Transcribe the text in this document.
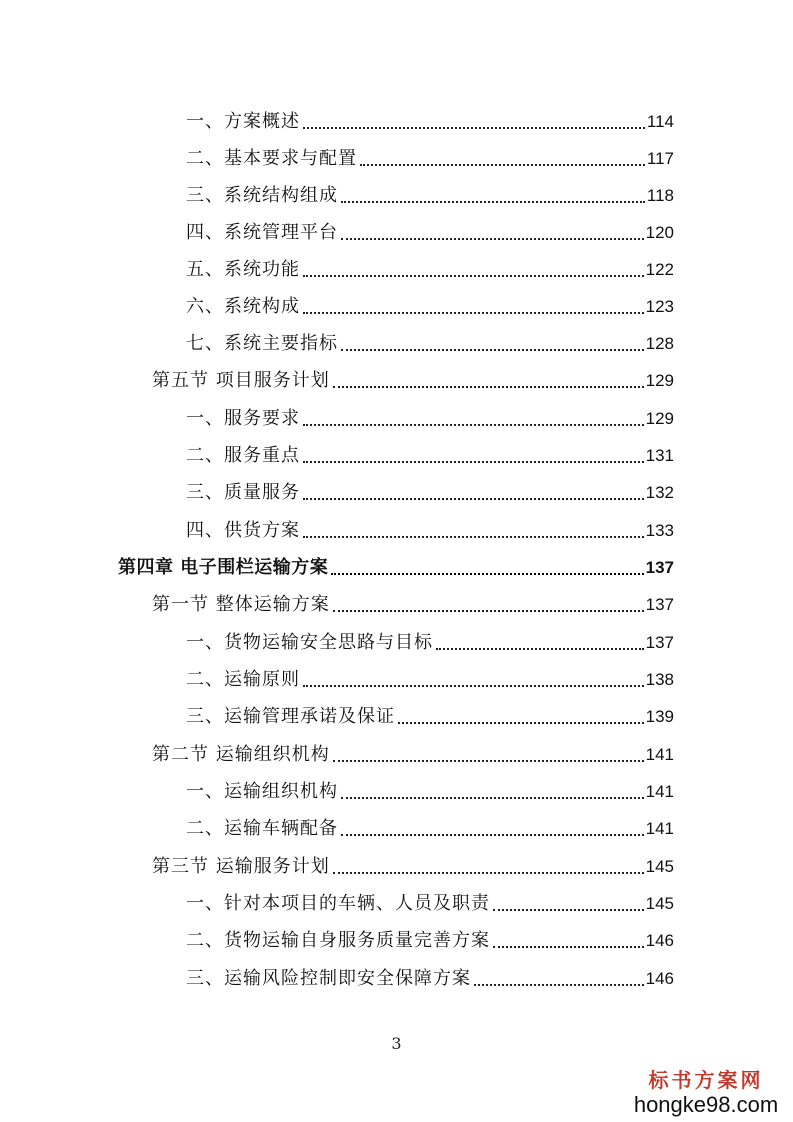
一、方案概述	114
二、基本要求与配置	117
三、系统结构组成	118
四、系统管理平台	120
五、系统功能	122
六、系统构成	123
七、系统主要指标	128
第五节 项目服务计划	129
一、服务要求	129
二、服务重点	131
三、质量服务	132
四、供货方案	133
第四章 电子围栏运输方案	137
第一节 整体运输方案	137
一、货物运输安全思路与目标	137
二、运输原则	138
三、运输管理承诺及保证	139
第二节 运输组织机构	141
一、运输组织机构	141
二、运输车辆配备	141
第三节 运输服务计划	145
一、针对本项目的车辆、人员及职责	145
二、货物运输自身服务质量完善方案	146
三、运输风险控制即安全保障方案	146
3
标书方案网
hongke98.com
